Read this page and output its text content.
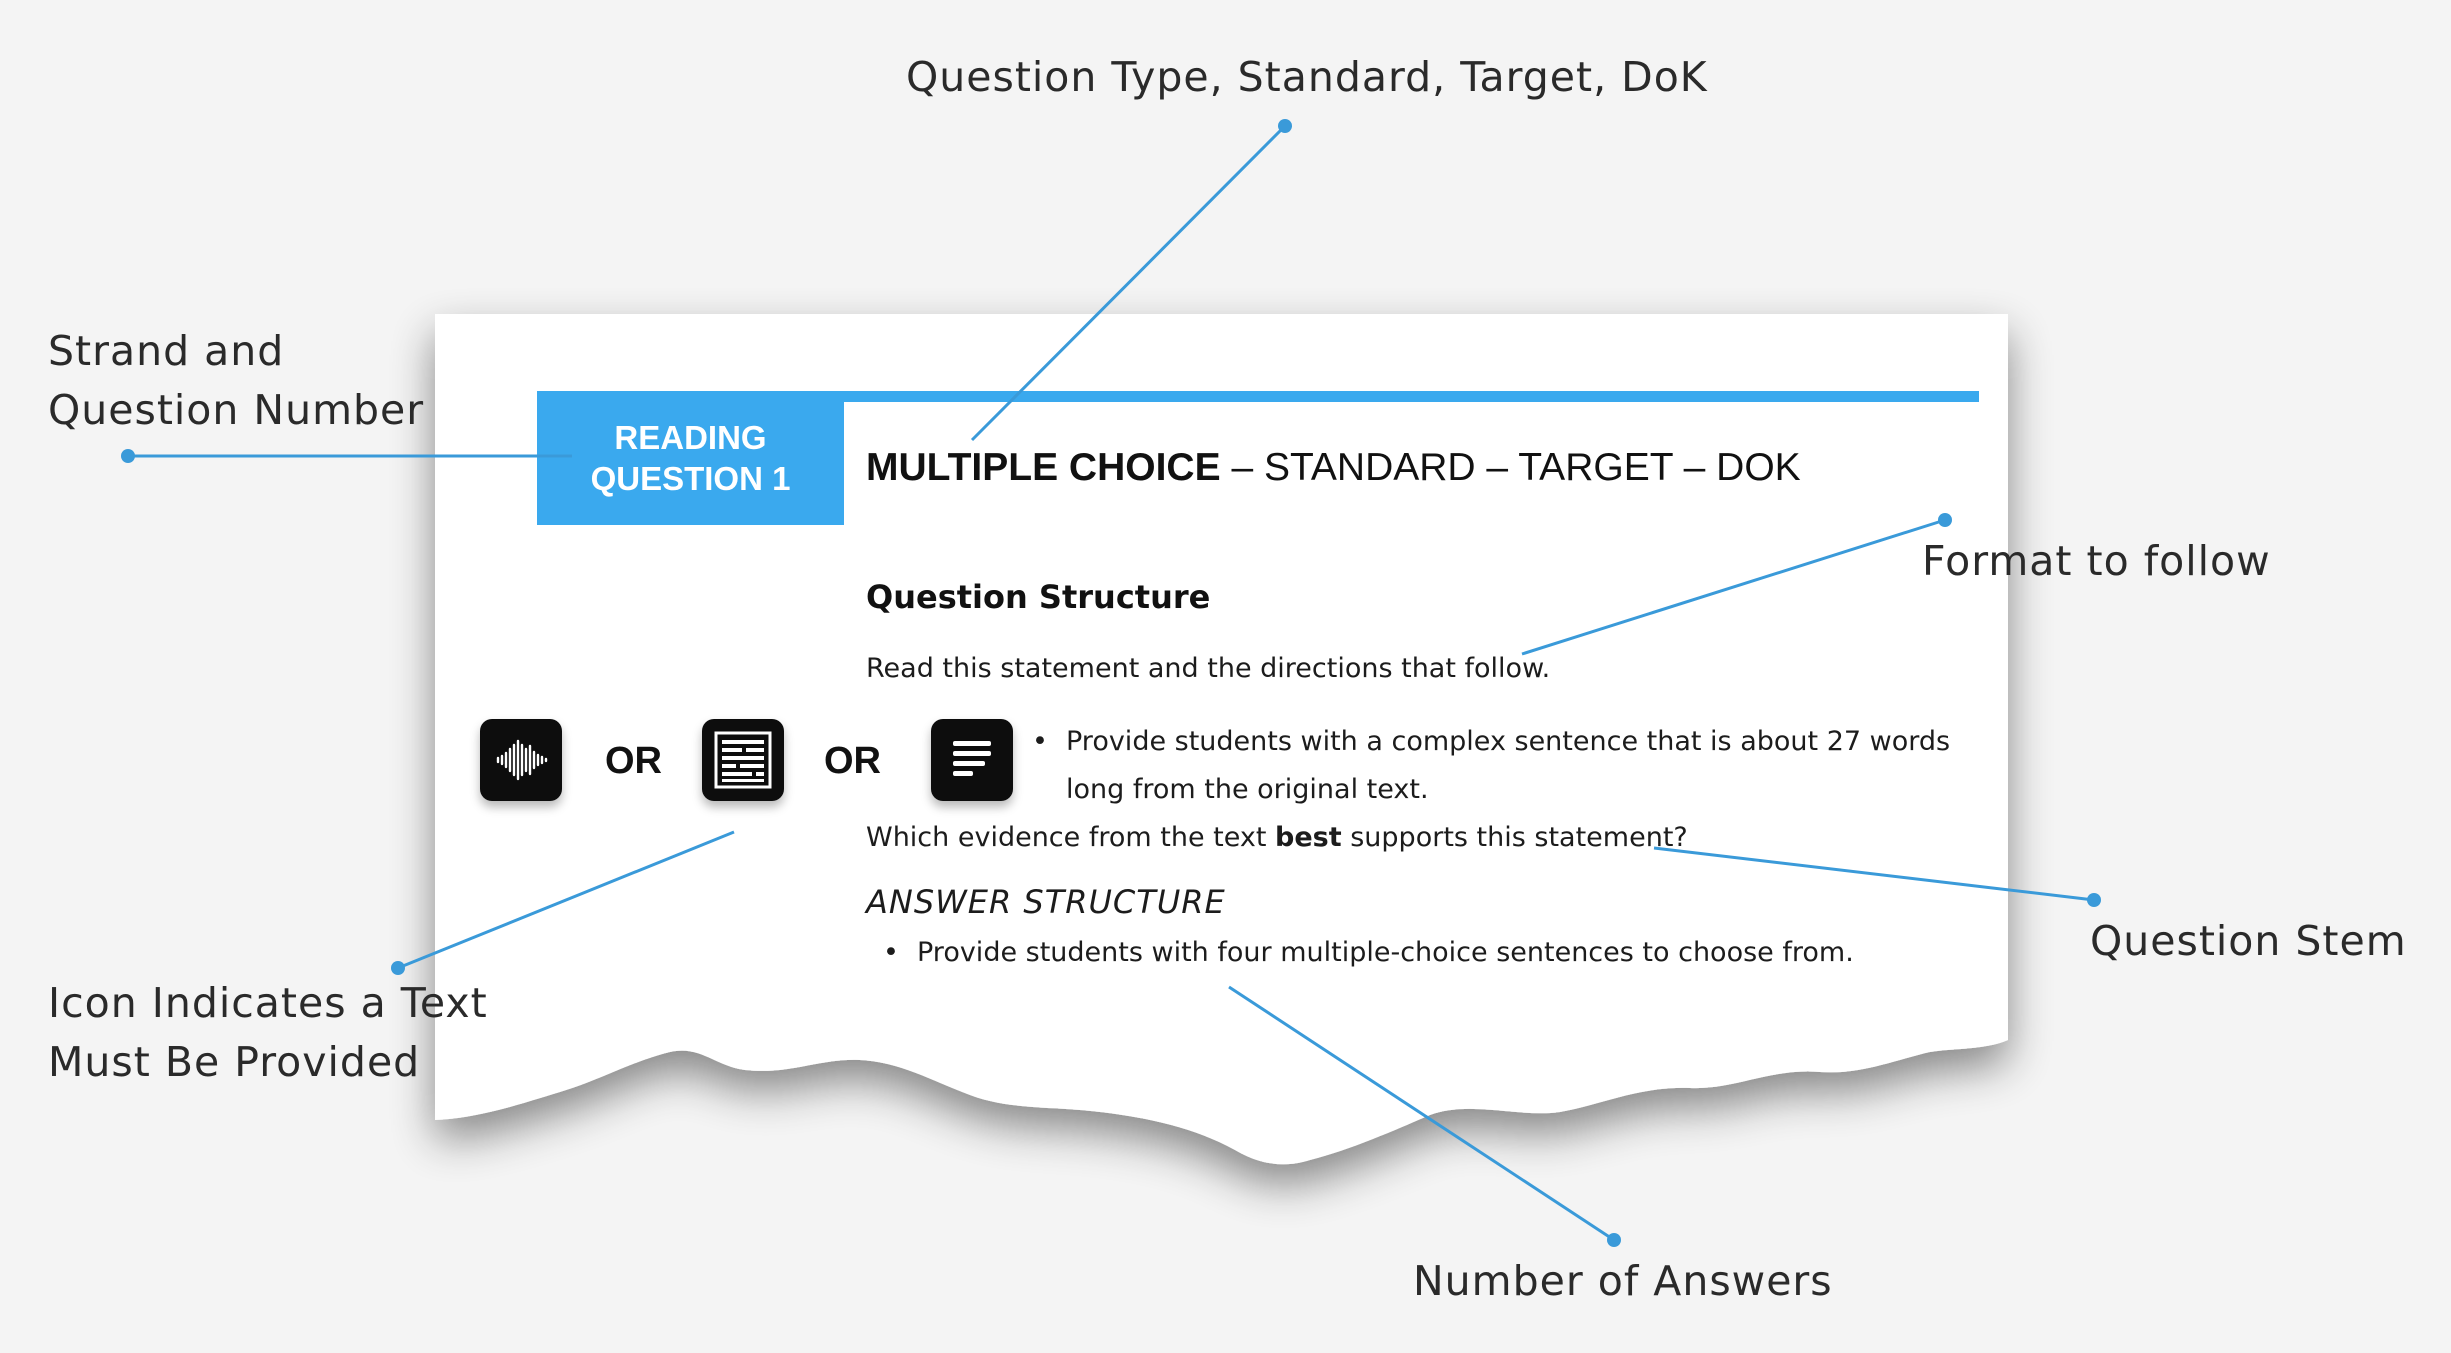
READING
QUESTION 1	MULTIPLE CHOICE – STANDARD – TARGET – DOK
Question Structure
Read this statement and the directions that follow.
• Provide students with a complex sentence that is about 27 words long from the original text.
Which evidence from the text best supports this statement?
ANSWER STRUCTURE
• Provide students with four multiple-choice sentences to choose from.
OR	OR
Question Type, Standard, Target, DoK
Strand and
Question Number
Format to follow
Question Stem
Icon Indicates a Text
Must Be Provided
Number of Answers
